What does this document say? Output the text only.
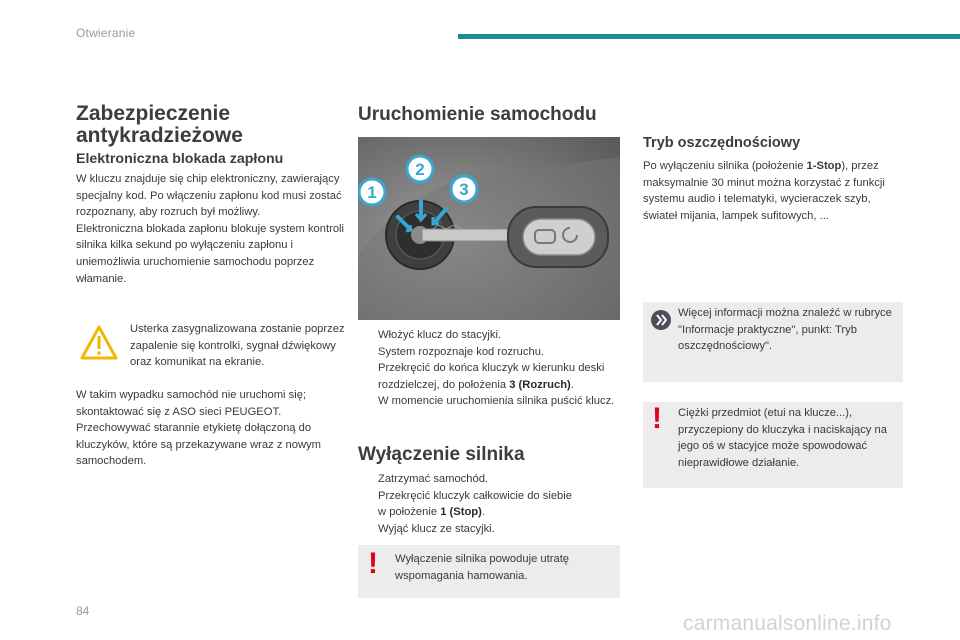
Otwieranie
Zabezpieczenie antykradzieżowe
Elektroniczna blokada zapłonu

W kluczu znajduje się chip elektroniczny, zawierający specjalny kod. Po włączeniu zapłonu kod musi zostać rozpoznany, aby rozruch był możliwy.

Elektroniczna blokada zapłonu blokuje system kontroli silnika kilka sekund po wyłączeniu zapłonu i uniemożliwia uruchomienie samochodu poprzez włamanie.

Usterka zasygnalizowana zostanie poprzez zapalenie się kontrolki, sygnał dźwiękowy oraz komunikat na ekranie.
W takim wypadku samochód nie uruchomi się; skontaktować się z ASO sieci PEUGEOT. Przechowywać starannie etykietę dołączoną do kluczyków, które są przekazywane wraz z nowym samochodem.
Uruchomienie samochodu
1
2
3
Włożyć klucz do stacyjki.
System rozpoznaje kod rozruchu.
Przekręcić do końca kluczyk w kierunku deski rozdzielczej, do położenia 3 (Rozruch).
W momencie uruchomienia silnika puścić klucz.
Wyłączenie silnika
Zatrzymać samochód.
Przekręcić kluczyk całkowicie do siebie w położenie 1 (Stop).
Wyjąć klucz ze stacyjki.
! Wyłączenie silnika powoduje utratę wspomagania hamowania.
Tryb oszczędnościowy
Po wyłączeniu silnika (położenie 1-Stop), przez maksymalnie 30 minut można korzystać z funkcji systemu audio i telematyki, wycieraczek szyb, świateł mijania, lampek sufitowych, ...
Więcej informacji można znaleźć w rubryce "Informacje praktyczne", punkt: Tryb oszczędnościowy".
! Ciężki przedmiot (etui na klucze...), przyczepiony do kluczyka i naciskający na jego oś w stacyjce może spowodować nieprawidłowe działanie.
84
carmanualsonline.info
